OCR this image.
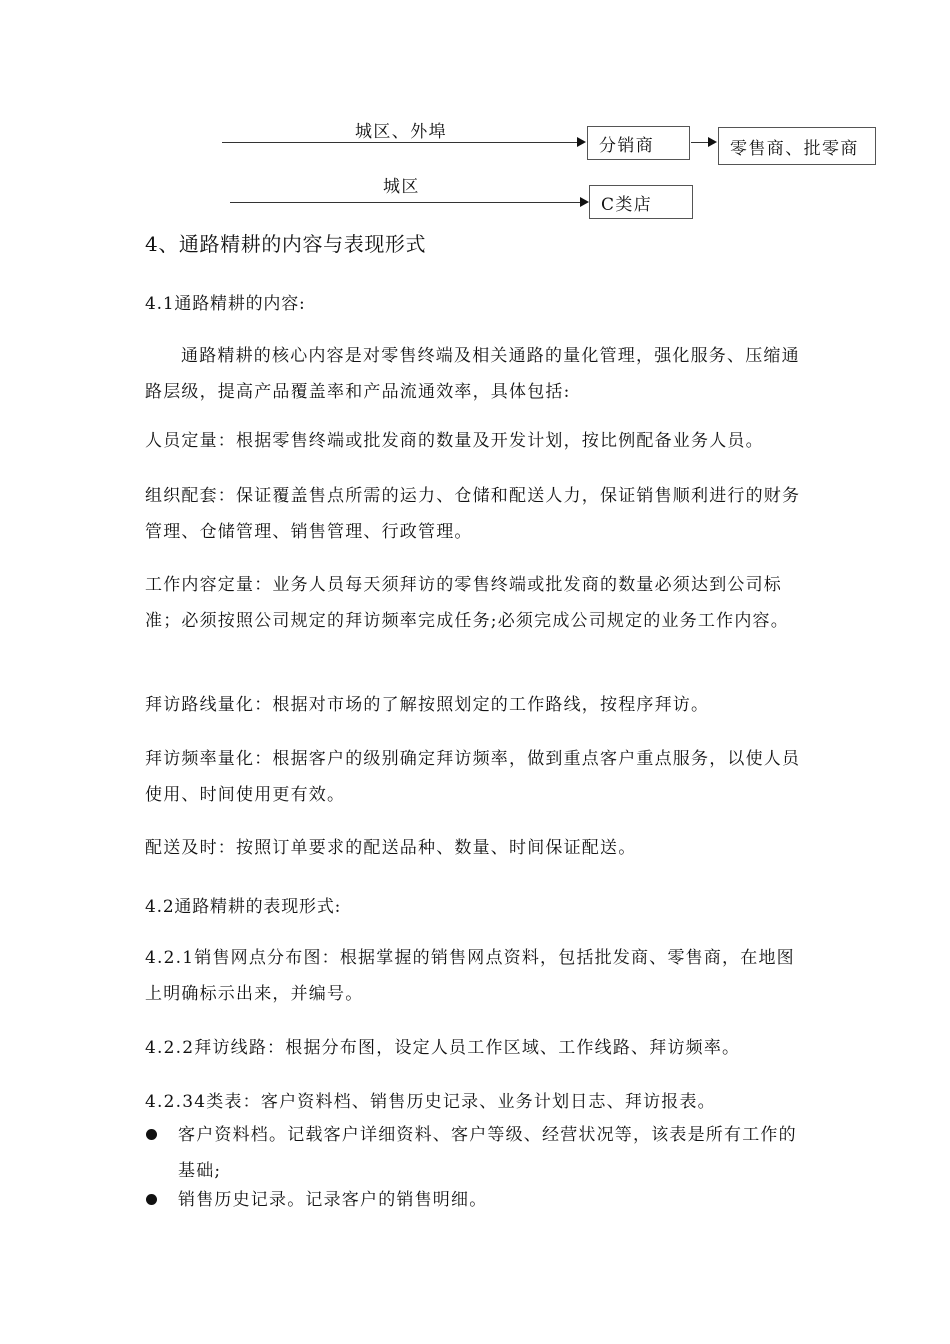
城区、外埠
分销商	零售商、批零商
城区
C类店
4、通路精耕的内容与表现形式
4.1通路精耕的内容:
通路精耕的核心内容是对零售终端及相关通路的量化管理，强化服务、压缩通路层级，提高产品覆盖率和产品流通效率，具体包括:
人员定量：根据零售终端或批发商的数量及开发计划，按比例配备业务人员。
组织配套：保证覆盖售点所需的运力、仓储和配送人力，保证销售顺利进行的财务管理、仓储管理、销售管理、行政管理。
工作内容定量：业务人员每天须拜访的零售终端或批发商的数量必须达到公司标准；必须按照公司规定的拜访频率完成任务;必须完成公司规定的业务工作内容。
拜访路线量化：根据对市场的了解按照划定的工作路线，按程序拜访。
拜访频率量化：根据客户的级别确定拜访频率，做到重点客户重点服务，以使人员使用、时间使用更有效。
配送及时：按照订单要求的配送品种、数量、时间保证配送。
4.2通路精耕的表现形式:
4.2.1销售网点分布图：根据掌握的销售网点资料，包括批发商、零售商，在地图上明确标示出来，并编号。
4.2.2拜访线路：根据分布图，设定人员工作区域、工作线路、拜访频率。
4.2.34类表：客户资料档、销售历史记录、业务计划日志、拜访报表。
客户资料档。记载客户详细资料、客户等级、经营状况等，该表是所有工作的基础;
销售历史记录。记录客户的销售明细。
